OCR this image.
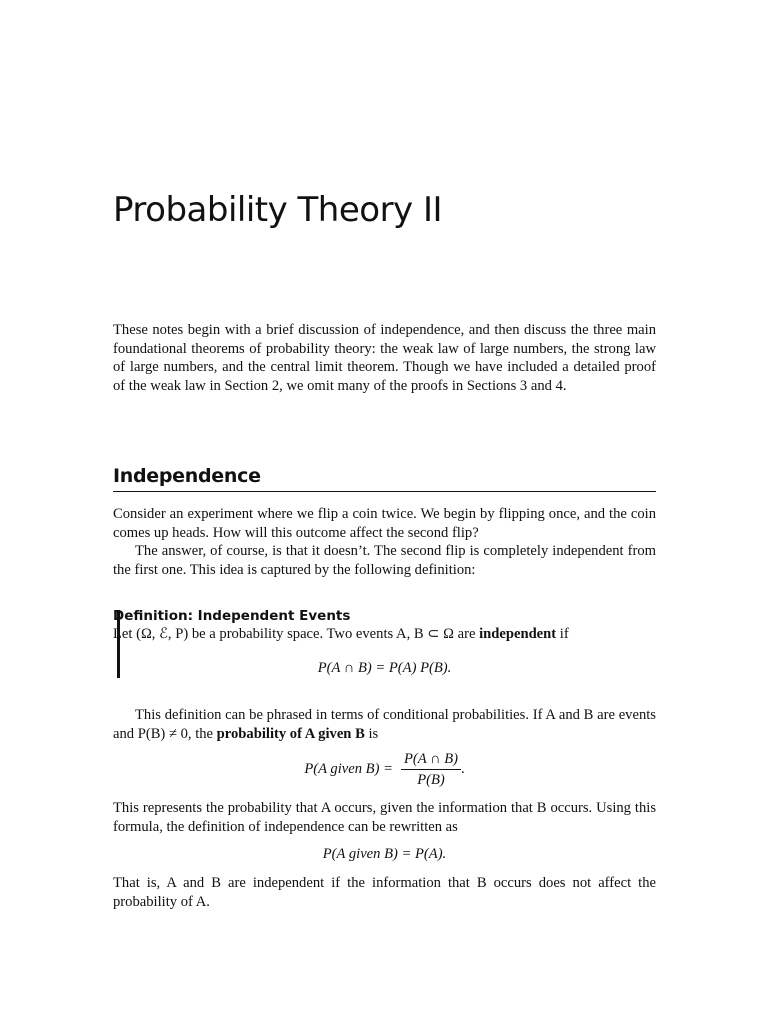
Probability Theory II

These notes begin with a brief discussion of independence, and then discuss the three main foundational theorems of probability theory: the weak law of large numbers, the strong law of large numbers, and the central limit theorem. Though we have included a detailed proof of the weak law in Section 2, we omit many of the proofs in Sections 3 and 4.

Independence

Consider an experiment where we flip a coin twice. We begin by flipping once, and the coin comes up heads. How will this outcome affect the second flip?

The answer, of course, is that it doesn’t. The second flip is completely independent from the first one. This idea is captured by the following definition:

Definition: Independent Events

Let (Ω, ℰ, P) be a probability space. Two events A, B ⊂ Ω are independent if

P(A ∩ B) = P(A) P(B).

This definition can be phrased in terms of conditional probabilities. If A and B are events and P(B) ≠ 0, the probability of A given B is

P(A given $B) = \frac{P(A \cap B)}{P(B)}$ .

This represents the probability that A occurs, given the information that B occurs. Using this formula, the definition of independence can be rewritten as

P(A given B) = P(A).

That is, A and B are independent if the information that B occurs does not affect the probability of A.
